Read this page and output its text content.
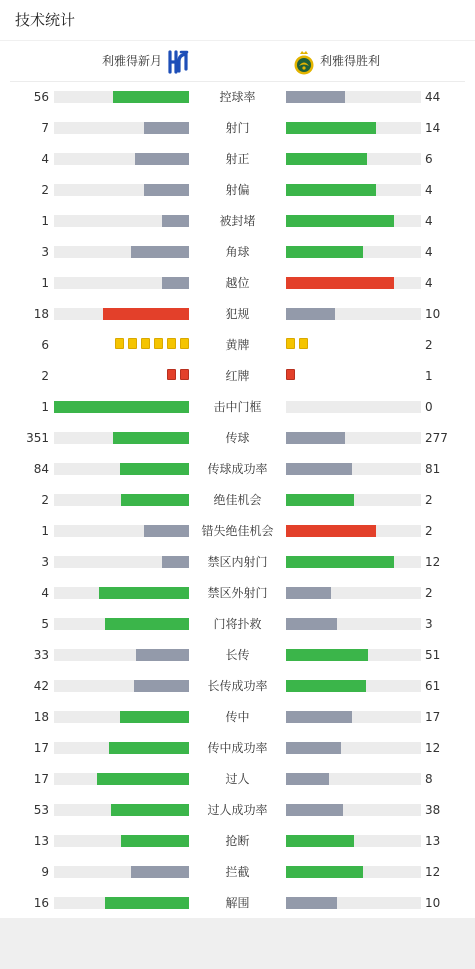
技术统计
利雅得新月	利雅得胜利
56	控球率	44
7	射门	14
4	射正	6
2	射偏	4
1	被封堵	4
3	角球	4
1	越位	4
18	犯规	10
6	黄牌	2
2	红牌	1
1	击中门框	0
351	传球	277
84	传球成功率	81
2	绝佳机会	2
1	错失绝佳机会	2
3	禁区内射门	12
4	禁区外射门	2
5	门将扑救	3
33	长传	51
42	长传成功率	61
18	传中	17
17	传中成功率	12
17	过人	8
53	过人成功率	38
13	抢断	13
9	拦截	12
16	解围	10
